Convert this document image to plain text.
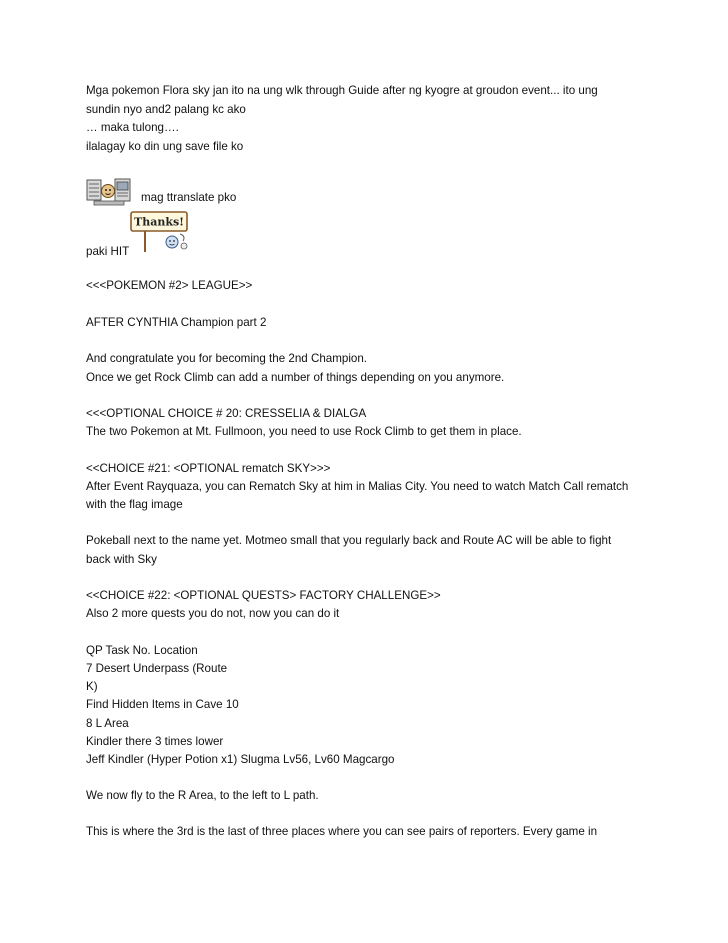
Mga pokemon Flora sky jan ito na ung wlk through Guide after ng kyogre at groudon event... ito ung
sundin nyo and2 palang kc ako
… maka tulong….
ilalagay ko din ung save file ko
mag ttranslate pko
Thanks!
paki HIT
<<<POKEMON #2> LEAGUE>>
AFTER CYNTHIA Champion part 2
And congratulate you for becoming the 2nd Champion.
Once we get Rock Climb can add a number of things depending on you anymore.
<<<OPTIONAL CHOICE # 20: CRESSELIA & DIALGA
The two Pokemon at Mt. Fullmoon, you need to use Rock Climb to get them in place.
<<CHOICE #21: <OPTIONAL rematch SKY>>>
After Event Rayquaza, you can Rematch Sky at him in Malias City. You need to watch Match Call rematch
with the flag image
Pokeball next to the name yet. Motmeo small that you regularly back and Route AC will be able to fight
back with Sky
<<CHOICE #22: <OPTIONAL QUESTS> FACTORY CHALLENGE>>
Also 2 more quests you do not, now you can do it
QP Task No. Location
7 Desert Underpass (Route
K)
Find Hidden Items in Cave 10
8 L Area
Kindler there 3 times lower
Jeff Kindler (Hyper Potion x1) Slugma Lv56, Lv60 Magcargo
We now fly to the R Area, to the left to L path.
This is where the 3rd is the last of three places where you can see pairs of reporters. Every game in
